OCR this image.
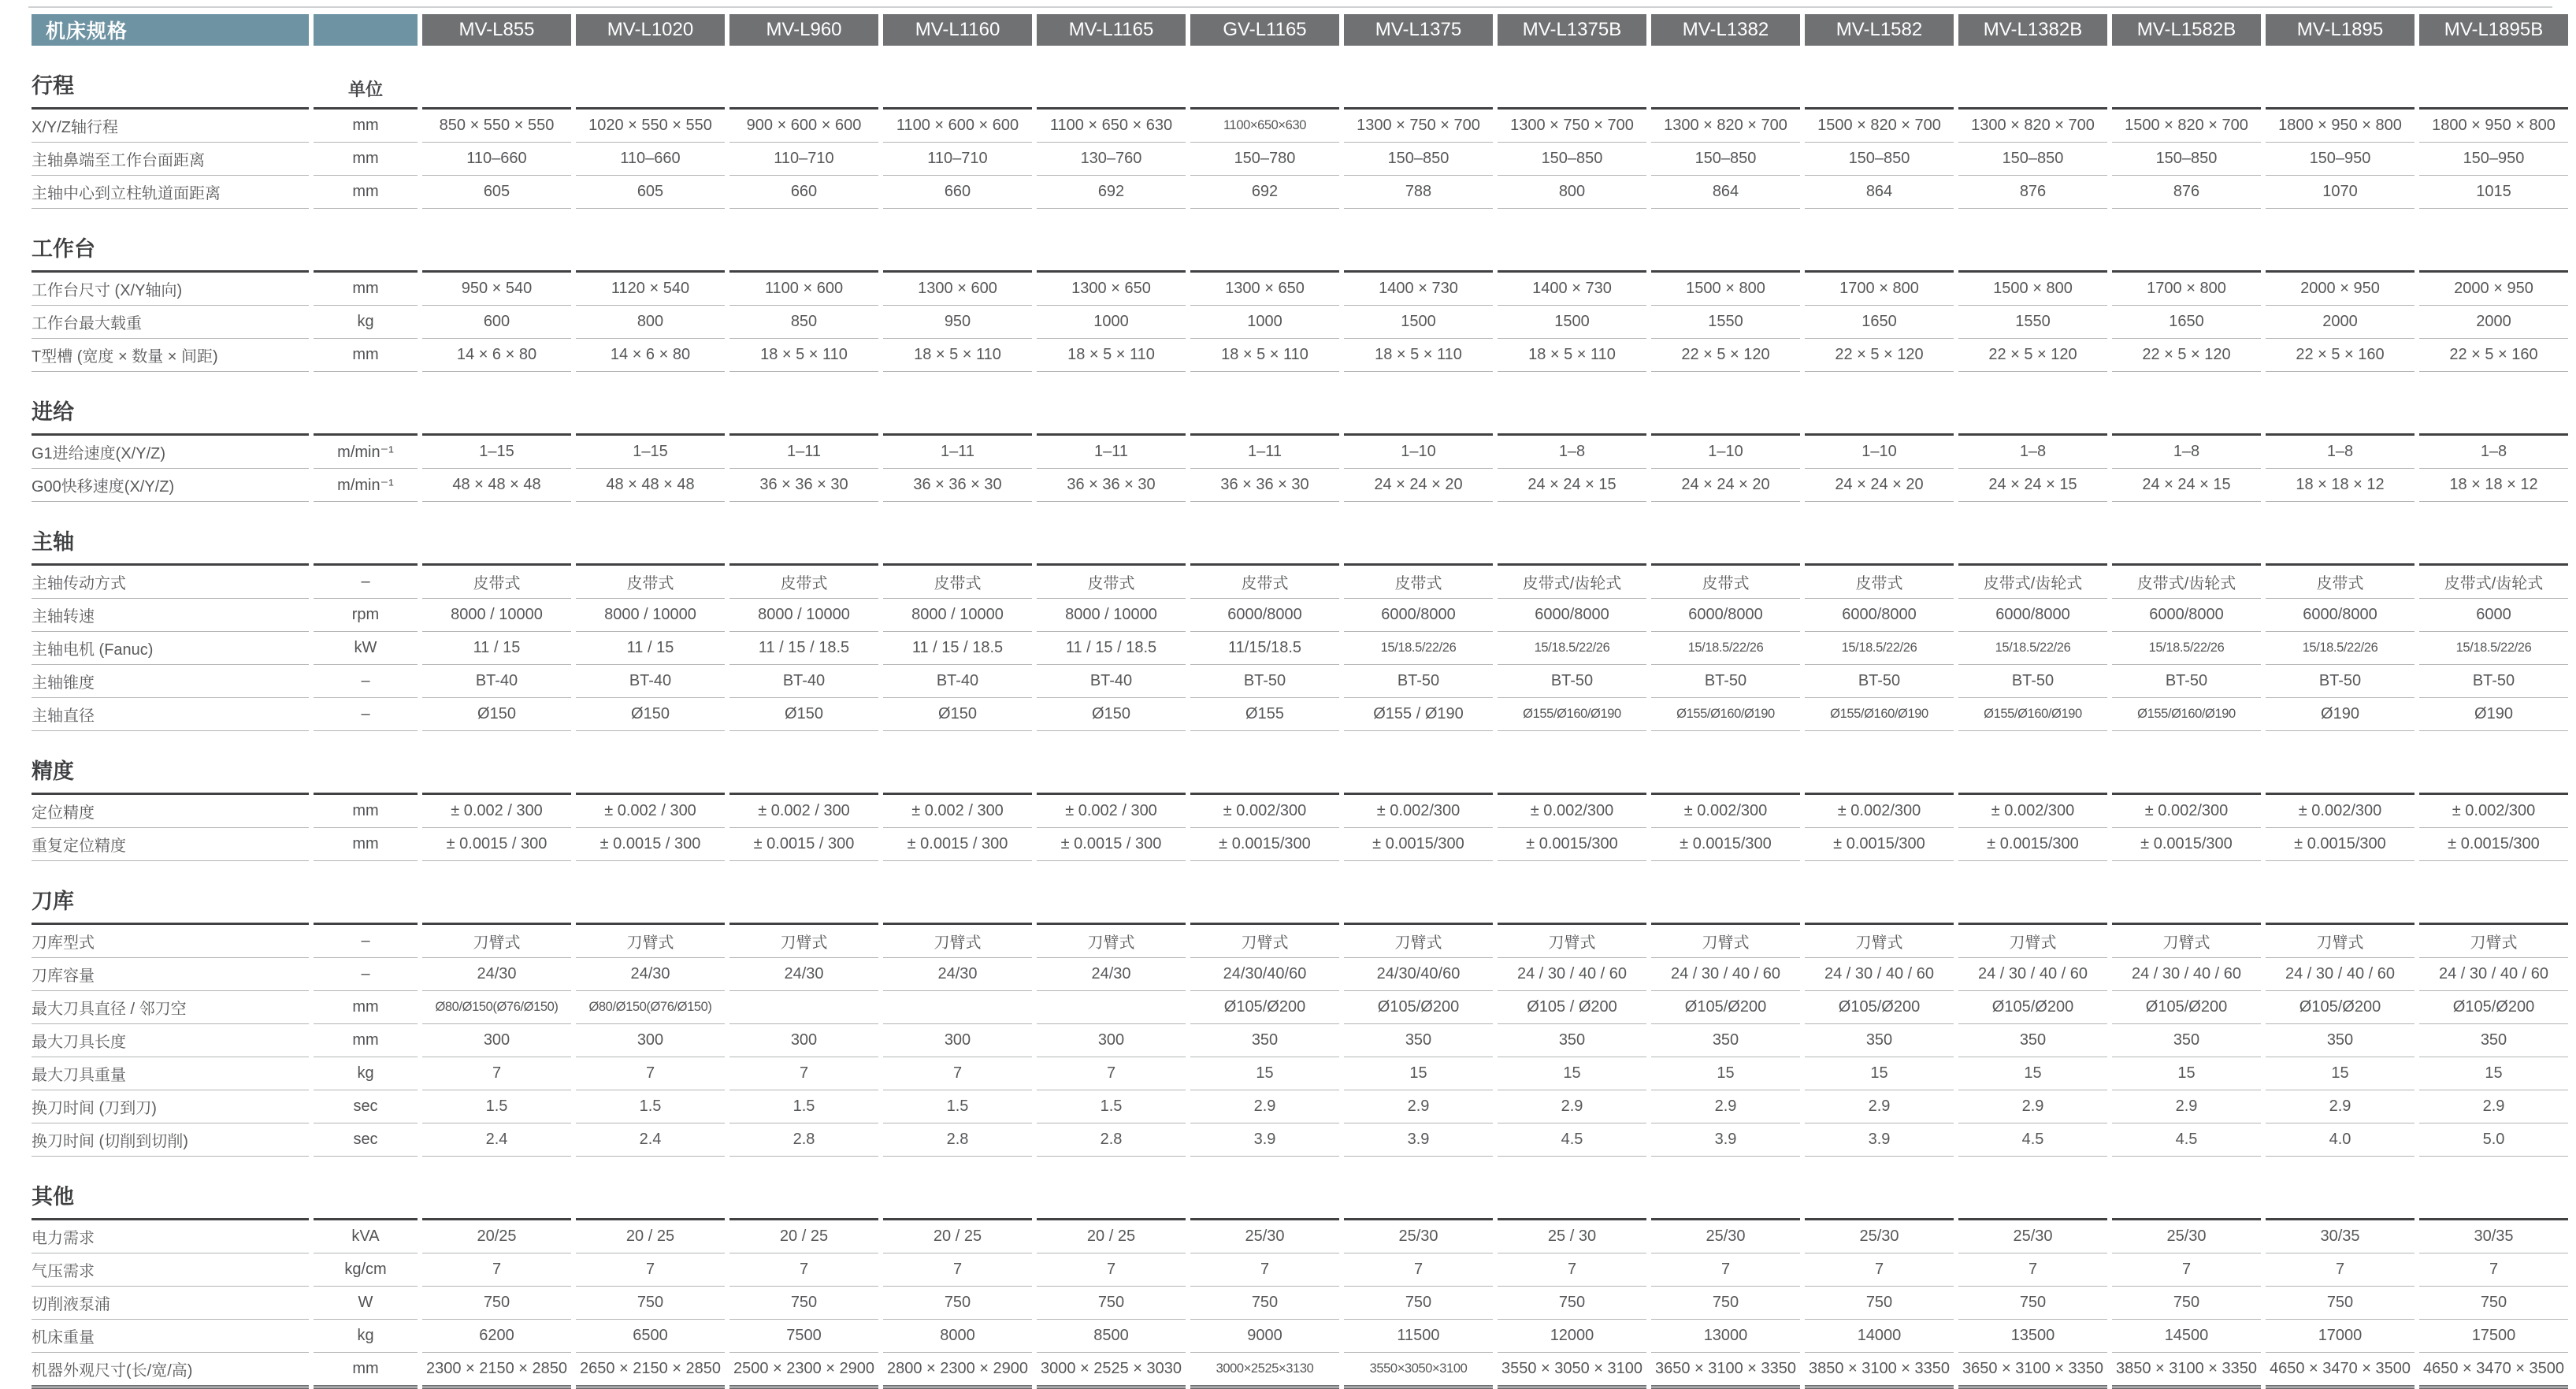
机床规格		MV-L855	MV-L1020	MV-L960	MV-L1160	MV-L1165	GV-L1165	MV-L1375	MV-L1375B	MV-L1382	MV-L1582	MV-L1382B	MV-L1582B	MV-L1895	MV-L1895B
行程	单位														
X/Y/Z轴行程	mm	850 × 550 × 550	1020 × 550 × 550	900 × 600 × 600	1100 × 600 × 600	1100 × 650 × 630	1100×650×630	1300 × 750 × 700	1300 × 750 × 700	1300 × 820 × 700	1500 × 820 × 700	1300 × 820 × 700	1500 × 820 × 700	1800 × 950 × 800	1800 × 950 × 800
主轴鼻端至工作台面距离	mm	110–660	110–660	110–710	110–710	130–760	150–780	150–850	150–850	150–850	150–850	150–850	150–850	150–950	150–950
主轴中心到立柱轨道面距离	mm	605	605	660	660	692	692	788	800	864	864	876	876	1070	1015
工作台															
工作台尺寸 (X/Y轴向)	mm	950 × 540	1120 × 540	1100 × 600	1300 × 600	1300 × 650	1300 × 650	1400 × 730	1400 × 730	1500 × 800	1700 × 800	1500 × 800	1700 × 800	2000 × 950	2000 × 950
工作台最大载重	kg	600	800	850	950	1000	1000	1500	1500	1550	1650	1550	1650	2000	2000
T型槽 (宽度 × 数量 × 间距)	mm	14 × 6 × 80	14 × 6 × 80	18 × 5 × 110	18 × 5 × 110	18 × 5 × 110	18 × 5 × 110	18 × 5 × 110	18 × 5 × 110	22 × 5 × 120	22 × 5 × 120	22 × 5 × 120	22 × 5 × 120	22 × 5 × 160	22 × 5 × 160
进给															
G1进给速度(X/Y/Z)	m/min⁻¹	1–15	1–15	1–11	1–11	1–11	1–11	1–10	1–8	1–10	1–10	1–8	1–8	1–8	1–8
G00快移速度(X/Y/Z)	m/min⁻¹	48 × 48 × 48	48 × 48 × 48	36 × 36 × 30	36 × 36 × 30	36 × 36 × 30	36 × 36 × 30	24 × 24 × 20	24 × 24 × 15	24 × 24 × 20	24 × 24 × 20	24 × 24 × 15	24 × 24 × 15	18 × 18 × 12	18 × 18 × 12
主轴															
主轴传动方式	–	皮带式	皮带式	皮带式	皮带式	皮带式	皮带式	皮带式	皮带式/齿轮式	皮带式	皮带式	皮带式/齿轮式	皮带式/齿轮式	皮带式	皮带式/齿轮式
主轴转速	rpm	8000 / 10000	8000 / 10000	8000 / 10000	8000 / 10000	8000 / 10000	6000/8000	6000/8000	6000/8000	6000/8000	6000/8000	6000/8000	6000/8000	6000/8000	6000
主轴电机 (Fanuc)	kW	11 / 15	11 / 15	11 / 15 / 18.5	11 / 15 / 18.5	11 / 15 / 18.5	11/15/18.5	15/18.5/22/26	15/18.5/22/26	15/18.5/22/26	15/18.5/22/26	15/18.5/22/26	15/18.5/22/26	15/18.5/22/26	15/18.5/22/26
主轴锥度	–	BT-40	BT-40	BT-40	BT-40	BT-40	BT-50	BT-50	BT-50	BT-50	BT-50	BT-50	BT-50	BT-50	BT-50
主轴直径	–	Ø150	Ø150	Ø150	Ø150	Ø150	Ø155	Ø155 / Ø190	Ø155/Ø160/Ø190	Ø155/Ø160/Ø190	Ø155/Ø160/Ø190	Ø155/Ø160/Ø190	Ø155/Ø160/Ø190	Ø190	Ø190
精度															
定位精度	mm	± 0.002 / 300	± 0.002 / 300	± 0.002 / 300	± 0.002 / 300	± 0.002 / 300	± 0.002/300	± 0.002/300	± 0.002/300	± 0.002/300	± 0.002/300	± 0.002/300	± 0.002/300	± 0.002/300	± 0.002/300
重复定位精度	mm	± 0.0015 / 300	± 0.0015 / 300	± 0.0015 / 300	± 0.0015 / 300	± 0.0015 / 300	± 0.0015/300	± 0.0015/300	± 0.0015/300	± 0.0015/300	± 0.0015/300	± 0.0015/300	± 0.0015/300	± 0.0015/300	± 0.0015/300
刀库															
刀库型式	–	刀臂式	刀臂式	刀臂式	刀臂式	刀臂式	刀臂式	刀臂式	刀臂式	刀臂式	刀臂式	刀臂式	刀臂式	刀臂式	刀臂式
刀库容量	–	24/30	24/30	24/30	24/30	24/30	24/30/40/60	24/30/40/60	24 / 30 / 40 / 60	24 / 30 / 40 / 60	24 / 30 / 40 / 60	24 / 30 / 40 / 60	24 / 30 / 40 / 60	24 / 30 / 40 / 60	24 / 30 / 40 / 60
最大刀具直径 / 邻刀空	mm	Ø80/Ø150(Ø76/Ø150)	Ø80/Ø150(Ø76/Ø150)				Ø105/Ø200	Ø105/Ø200	Ø105 / Ø200	Ø105/Ø200	Ø105/Ø200	Ø105/Ø200	Ø105/Ø200	Ø105/Ø200	Ø105/Ø200
最大刀具长度	mm	300	300	300	300	300	350	350	350	350	350	350	350	350	350
最大刀具重量	kg	7	7	7	7	7	15	15	15	15	15	15	15	15	15
换刀时间 (刀到刀)	sec	1.5	1.5	1.5	1.5	1.5	2.9	2.9	2.9	2.9	2.9	2.9	2.9	2.9	2.9
换刀时间 (切削到切削)	sec	2.4	2.4	2.8	2.8	2.8	3.9	3.9	4.5	3.9	3.9	4.5	4.5	4.0	5.0
其他															
电力需求	kVA	20/25	20 / 25	20 / 25	20 / 25	20 / 25	25/30	25/30	25 / 30	25/30	25/30	25/30	25/30	30/35	30/35
气压需求	kg/cm	7	7	7	7	7	7	7	7	7	7	7	7	7	7
切削液泵浦	W	750	750	750	750	750	750	750	750	750	750	750	750	750	750
机床重量	kg	6200	6500	7500	8000	8500	9000	11500	12000	13000	14000	13500	14500	17000	17500
机器外观尺寸(长/宽/高)	mm	2300 × 2150 × 2850	2650 × 2150 × 2850	2500 × 2300 × 2900	2800 × 2300 × 2900	3000 × 2525 × 3030	3000×2525×3130	3550×3050×3100	3550 × 3050 × 3100	3650 × 3100 × 3350	3850 × 3100 × 3350	3650 × 3100 × 3350	3850 × 3100 × 3350	4650 × 3470 × 3500	4650 × 3470 × 3500
